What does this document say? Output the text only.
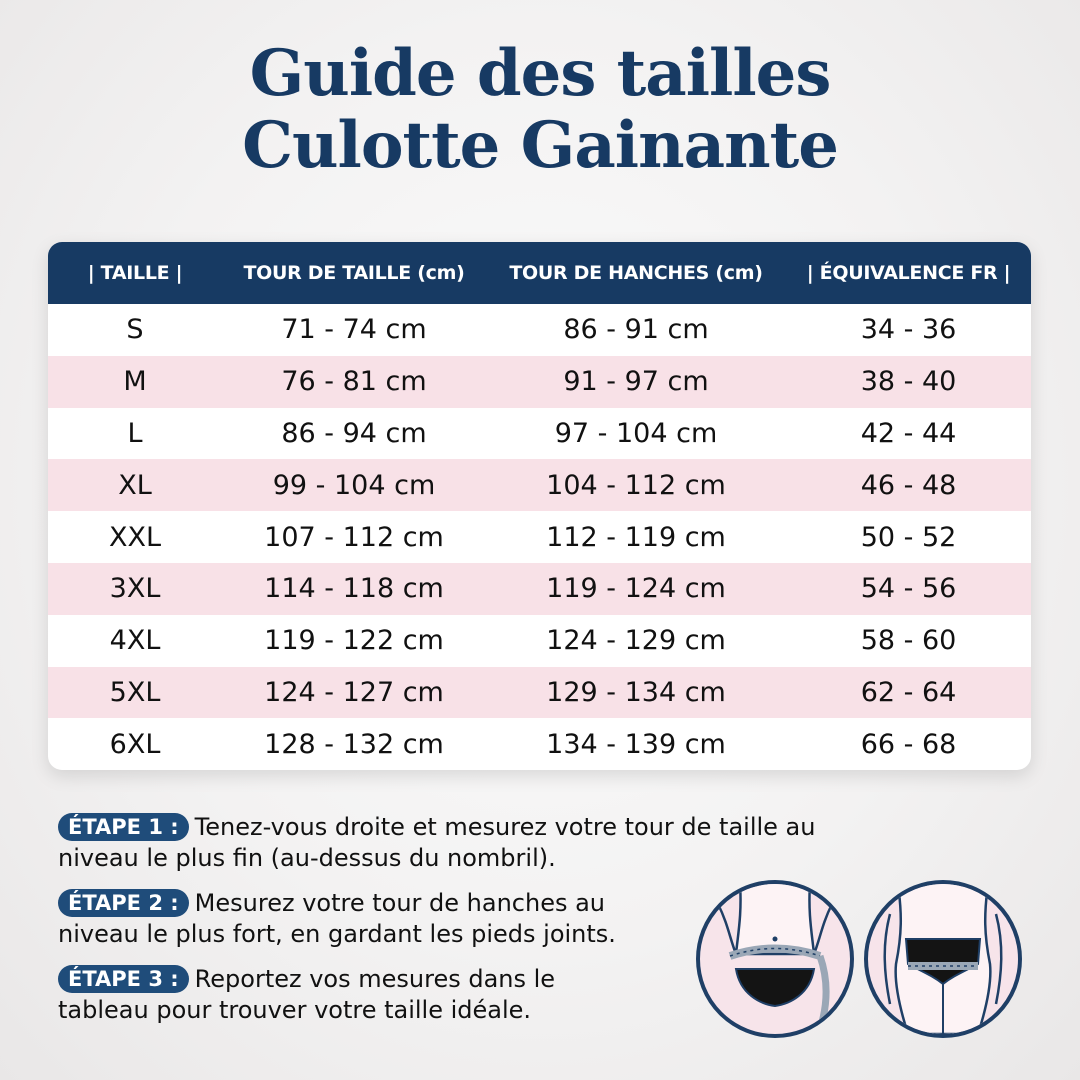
Guide des tailles
Culotte Gainante
| TAILLE |	TOUR DE TAILLE (cm)	TOUR DE HANCHES (cm)	| ÉQUIVALENCE FR |
S	71 - 74 cm	86 - 91 cm	34 - 36
M	76 - 81 cm	91 - 97 cm	38 - 40
L	86 - 94 cm	97 - 104 cm	42 - 44
XL	99 - 104 cm	104 - 112 cm	46 - 48
XXL	107 - 112 cm	112 - 119 cm	50 - 52
3XL	114 - 118 cm	119 - 124 cm	54 - 56
4XL	119 - 122 cm	124 - 129 cm	58 - 60
5XL	124 - 127 cm	129 - 134 cm	62 - 64
6XL	128 - 132 cm	134 - 139 cm	66 - 68
ÉTAPE 1 : Tenez-vous droite et mesurez votre tour de taille au niveau le plus fin (au-dessus du nombril).
ÉTAPE 2 : Mesurez votre tour de hanches au niveau le plus fort, en gardant les pieds joints.
ÉTAPE 3 : Reportez vos mesures dans le tableau pour trouver votre taille idéale.
